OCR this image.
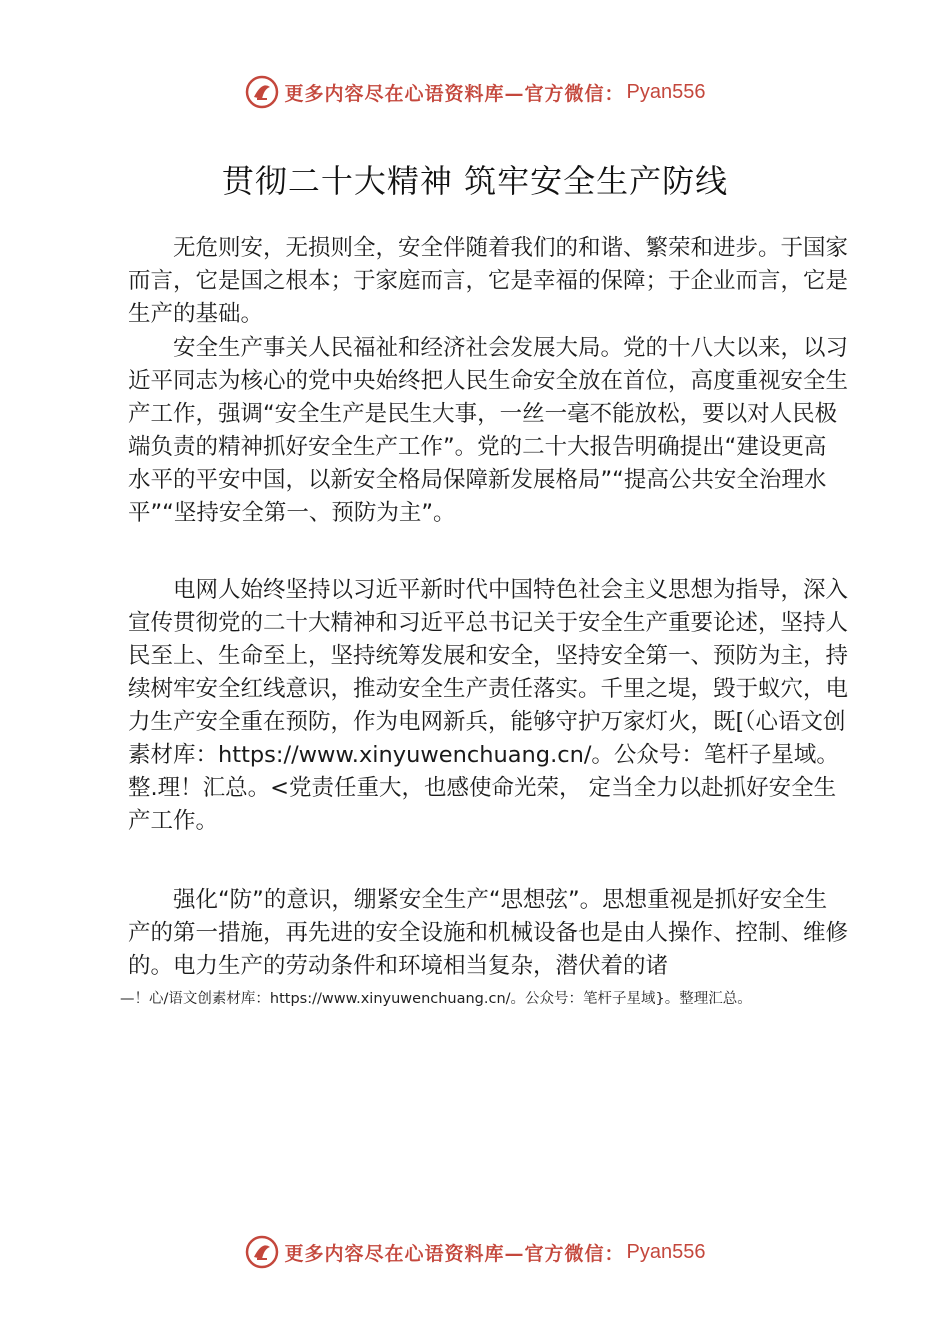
更多内容尽在心语资料库—官方微信： Pyan556
贯彻二十大精神 筑牢安全生产防线

无危则安，无损则全，安全伴随着我们的和谐、繁荣和进步。于国家而言，它是国之根本；于家庭而言，它是幸福的保障；于企业而言，它是生产的基础。

安全生产事关人民福祉和经济社会发展大局。党的十八大以来，以习近平同志为核心的党中央始终把人民生命安全放在首位，高度重视安全生产工作，强调“安全生产是民生大事，一丝一毫不能放松，要以对人民极端负责的精神抓好安全生产工作”。党的二十大报告明确提出“建设更高水平的平安中国，以新安全格局保障新发展格局”“提高公共安全治理水平”“坚持安全第一、预防为主”。

电网人始终坚持以习近平新时代中国特色社会主义思想为指导，深入宣传贯彻党的二十大精神和习近平总书记关于安全生产重要论述，坚持人民至上、生命至上，坚持统筹发展和安全，坚持安全第一、预防为主，持续树牢安全红线意识，推动安全生产责任落实。千里之堤，毁于蚁穴，电力生产安全重在预防，作为电网新兵，能够守护万家灯火，既[（心语文创素材库：https://www.xinyuwenchuang.cn/。公众号：笔杆子星域。整.理！汇总。<党责任重大，也感使命光荣， 定当全力以赴抓好安全生产工作。

强化“防”的意识，绷紧安全生产“思想弦”。思想重视是抓好安全生产的第一措施，再先进的安全设施和机械设备也是由人操作、控制、维修的。电力生产的劳动条件和环境相当复杂，潜伏着的诸

—！心/语文创素材库：https://www.xinyuwenchuang.cn/。公众号：笔杆子星域}。整理汇总。
更多内容尽在心语资料库—官方微信： Pyan556
